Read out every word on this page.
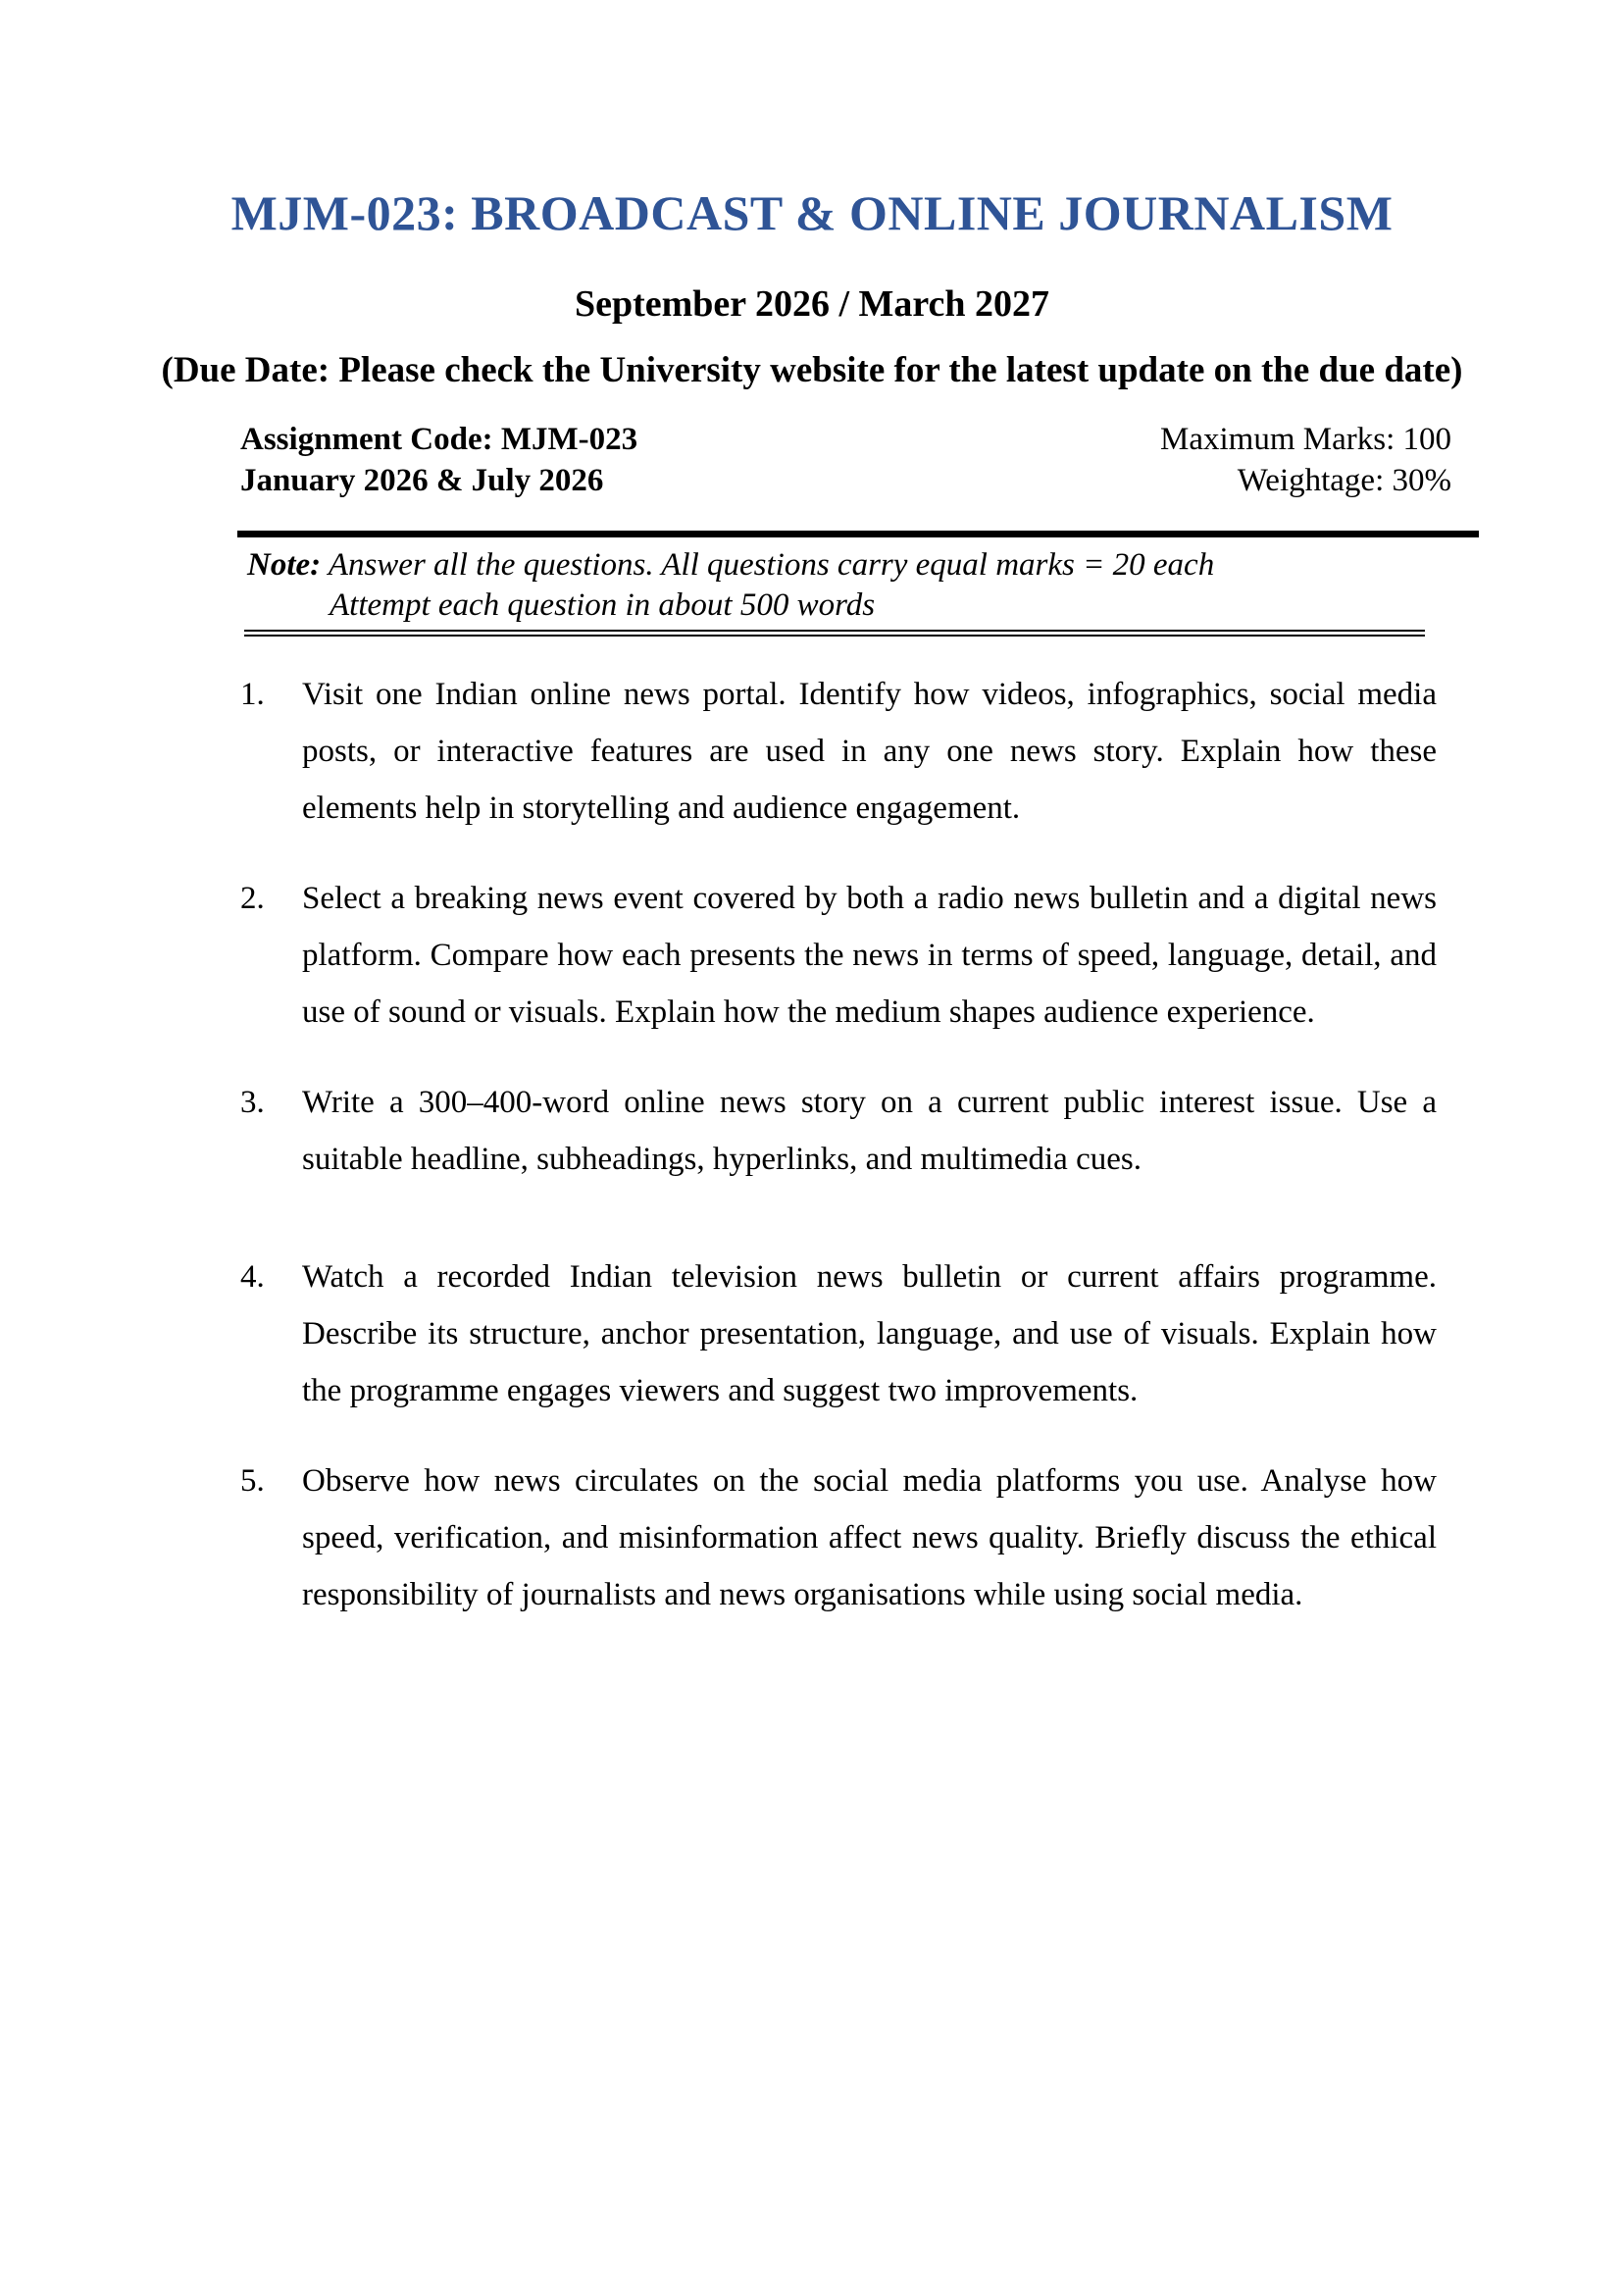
MJM-023: BROADCAST & ONLINE JOURNALISM
September 2026 / March 2027
(Due Date: Please check the University website for the latest update on the due date)
Assignment Code: MJM-023
January 2026 & July 2026
Maximum Marks: 100
Weightage: 30%
Note: Answer all the questions. All questions carry equal marks = 20 each
Attempt each question in about 500 words
1.	Visit one Indian online news portal. Identify how videos, infographics, social media posts, or interactive features are used in any one news story. Explain how these elements help in storytelling and audience engagement.
2.	Select a breaking news event covered by both a radio news bulletin and a digital news platform. Compare how each presents the news in terms of speed, language, detail, and use of sound or visuals. Explain how the medium shapes audience experience.
3.	Write a 300–400-word online news story on a current public interest issue. Use a suitable headline, subheadings, hyperlinks, and multimedia cues.
4.	Watch a recorded Indian television news bulletin or current affairs programme. Describe its structure, anchor presentation, language, and use of visuals. Explain how the programme engages viewers and suggest two improvements.
5.	Observe how news circulates on the social media platforms you use. Analyse how speed, verification, and misinformation affect news quality. Briefly discuss the ethical responsibility of journalists and news organisations while using social media.
